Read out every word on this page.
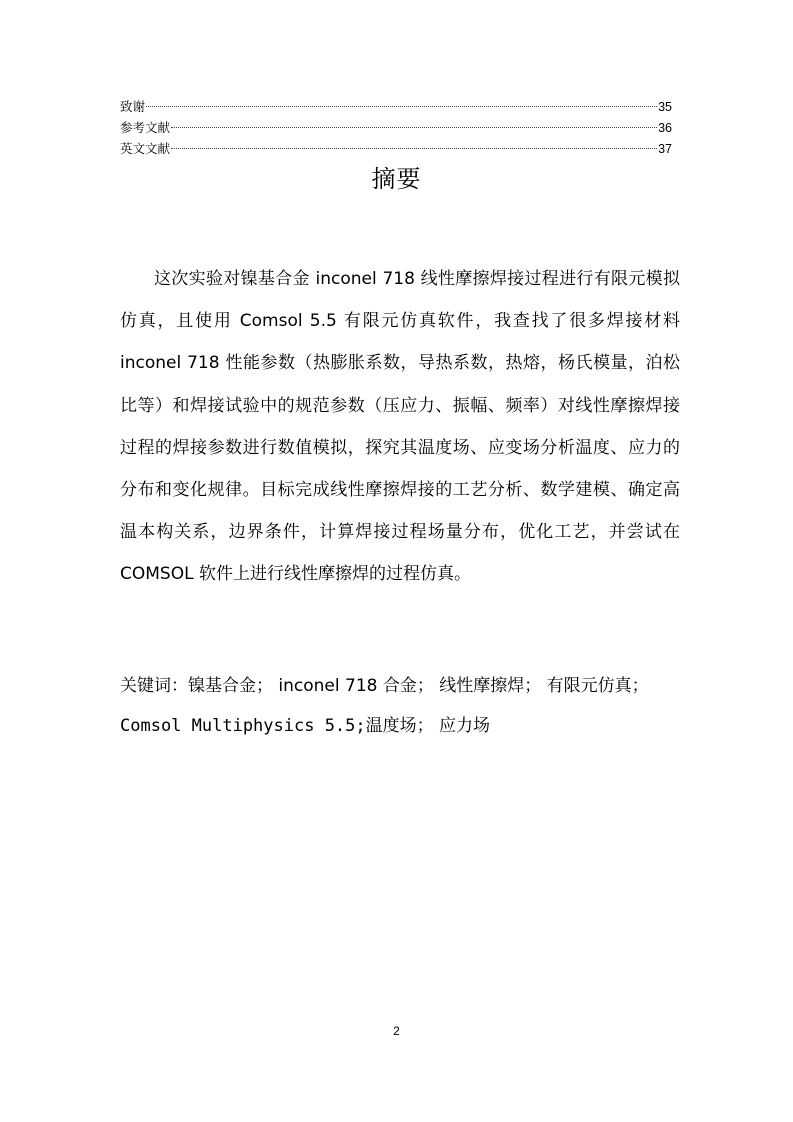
致谢	35
参考文献	36
英文文献	37
摘要

这次实验对镍基合金 inconel 718 线性摩擦焊接过程进行有限元模拟仿真，且使用 Comsol 5.5 有限元仿真软件，我查找了很多焊接材料 inconel 718 性能参数（热膨胀系数，导热系数，热熔，杨氏模量，泊松比等）和焊接试验中的规范参数（压应力、振幅、频率）对线性摩擦焊接过程的焊接参数进行数值模拟，探究其温度场、应变场分析温度、应力的分布和变化规律。目标完成线性摩擦焊接的工艺分析、数学建模、确定高温本构关系，边界条件，计算焊接过程场量分布，优化工艺，并尝试在 COMSOL 软件上进行线性摩擦焊的过程仿真。

关键词：镍基合金； inconel 718 合金； 线性摩擦焊； 有限元仿真；
Comsol Multiphysics 5.5;温度场； 应力场
2
